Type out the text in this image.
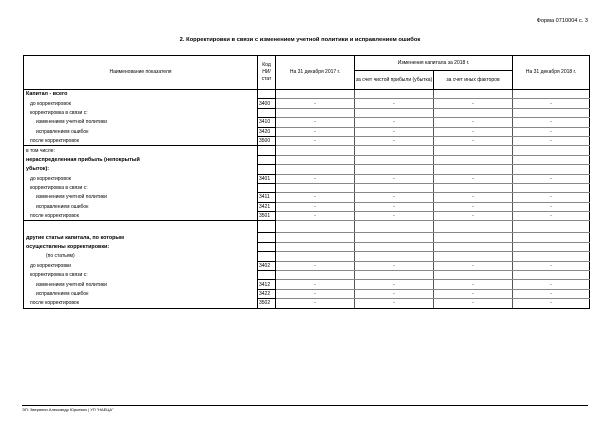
Форма 0710004 с. 3
2. Корректировки в связи с изменением учетной политики и исправлением ошибок
Наименование показателя	Код НИ/стат	На 31 декабря 2017 г.	Изменения капитала за 2018 г.		На 31 декабря 2018 г.
			за счет чистой прибыли (убытка)	за счет иных факторов	
Капитал - всего					
до корректировок	3400	-	-	-	-
корректировка в связи с:					
изменением учетной политики	3410	-	-	-	-
исправлением ошибок	3420	-	-	-	-
после корректировок	3500	-	-	-	-
в том числе:					
нераспределенная прибыль (непокрытый					
убыток):					
до корректировок	3401	-	-	-	-
корректировка в связи с:					
изменением учетной политики	3411	-	-	-	-
исправлением ошибок	3421	-	-	-	-
после корректировок	3501	-	-	-	-

другие статьи капитала, по которым					
осуществлены корректировки:					
(по статьям)					
до корректировки	3402	-	-	-	-
корректировка в связи с:					
изменением учетной политики	3412	-	-	-	-
исправлением ошибок	3422	-	-	-	-
после корректировок	3502	-	-	-	-
ЭП: Зверянин Александр Юрьевич | УП "НАЕЦА"
